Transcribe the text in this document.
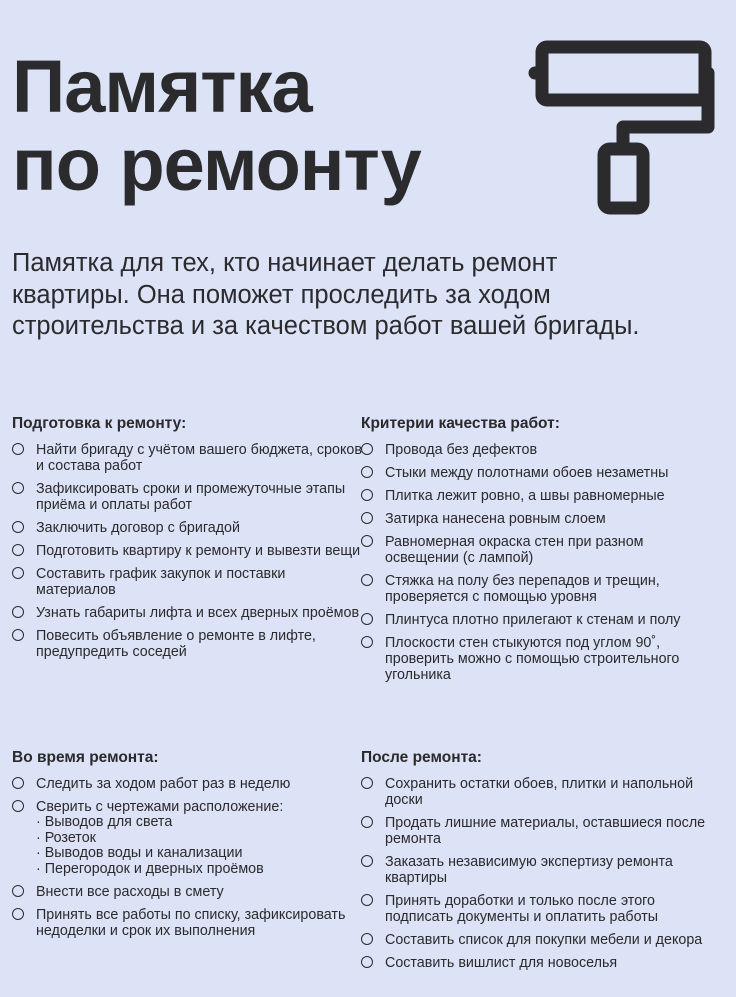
Памятка
по ремонту

Памятка для тех, кто начинает делать ремонт квартиры. Она поможет проследить за ходом строительства и за качеством работ вашей бригады.

Подготовка к ремонту:
Найти бригаду с учётом вашего бюджета, сроков и состава работ
Зафиксировать сроки и промежуточные этапы приёма и оплаты работ
Заключить договор с бригадой
Подготовить квартиру к ремонту и вывезти вещи
Составить график закупок и поставки материалов
Узнать габариты лифта и всех дверных проёмов
Повесить объявление о ремонте в лифте, предупредить соседей
Критерии качества работ:
Провода без дефектов
Стыки между полотнами обоев незаметны
Плитка лежит ровно, а швы равномерные
Затирка нанесена ровным слоем
Равномерная окраска стен при разном освещении (с лампой)
Стяжка на полу без перепадов и трещин, проверяется с помощью уровня
Плинтуса плотно прилегают к стенам и полу
Плоскости стен стыкуются под углом 90˚, проверить можно с помощью строительного угольника
Во время ремонта:
Следить за ходом работ раз в неделю
Сверить с чертежами расположение:
· Выводов для света
· Розеток
· Выводов воды и канализации
· Перегородок и дверных проёмов
Внести все расходы в смету
Принять все работы по списку, зафиксировать недоделки и срок их выполнения
После ремонта:
Сохранить остатки обоев, плитки и напольной доски
Продать лишние материалы, оставшиеся после ремонта
Заказать независимую экспертизу ремонта квартиры
Принять доработки и только после этого подписать документы и оплатить работы
Составить список для покупки мебели и декора
Составить вишлист для новоселья
